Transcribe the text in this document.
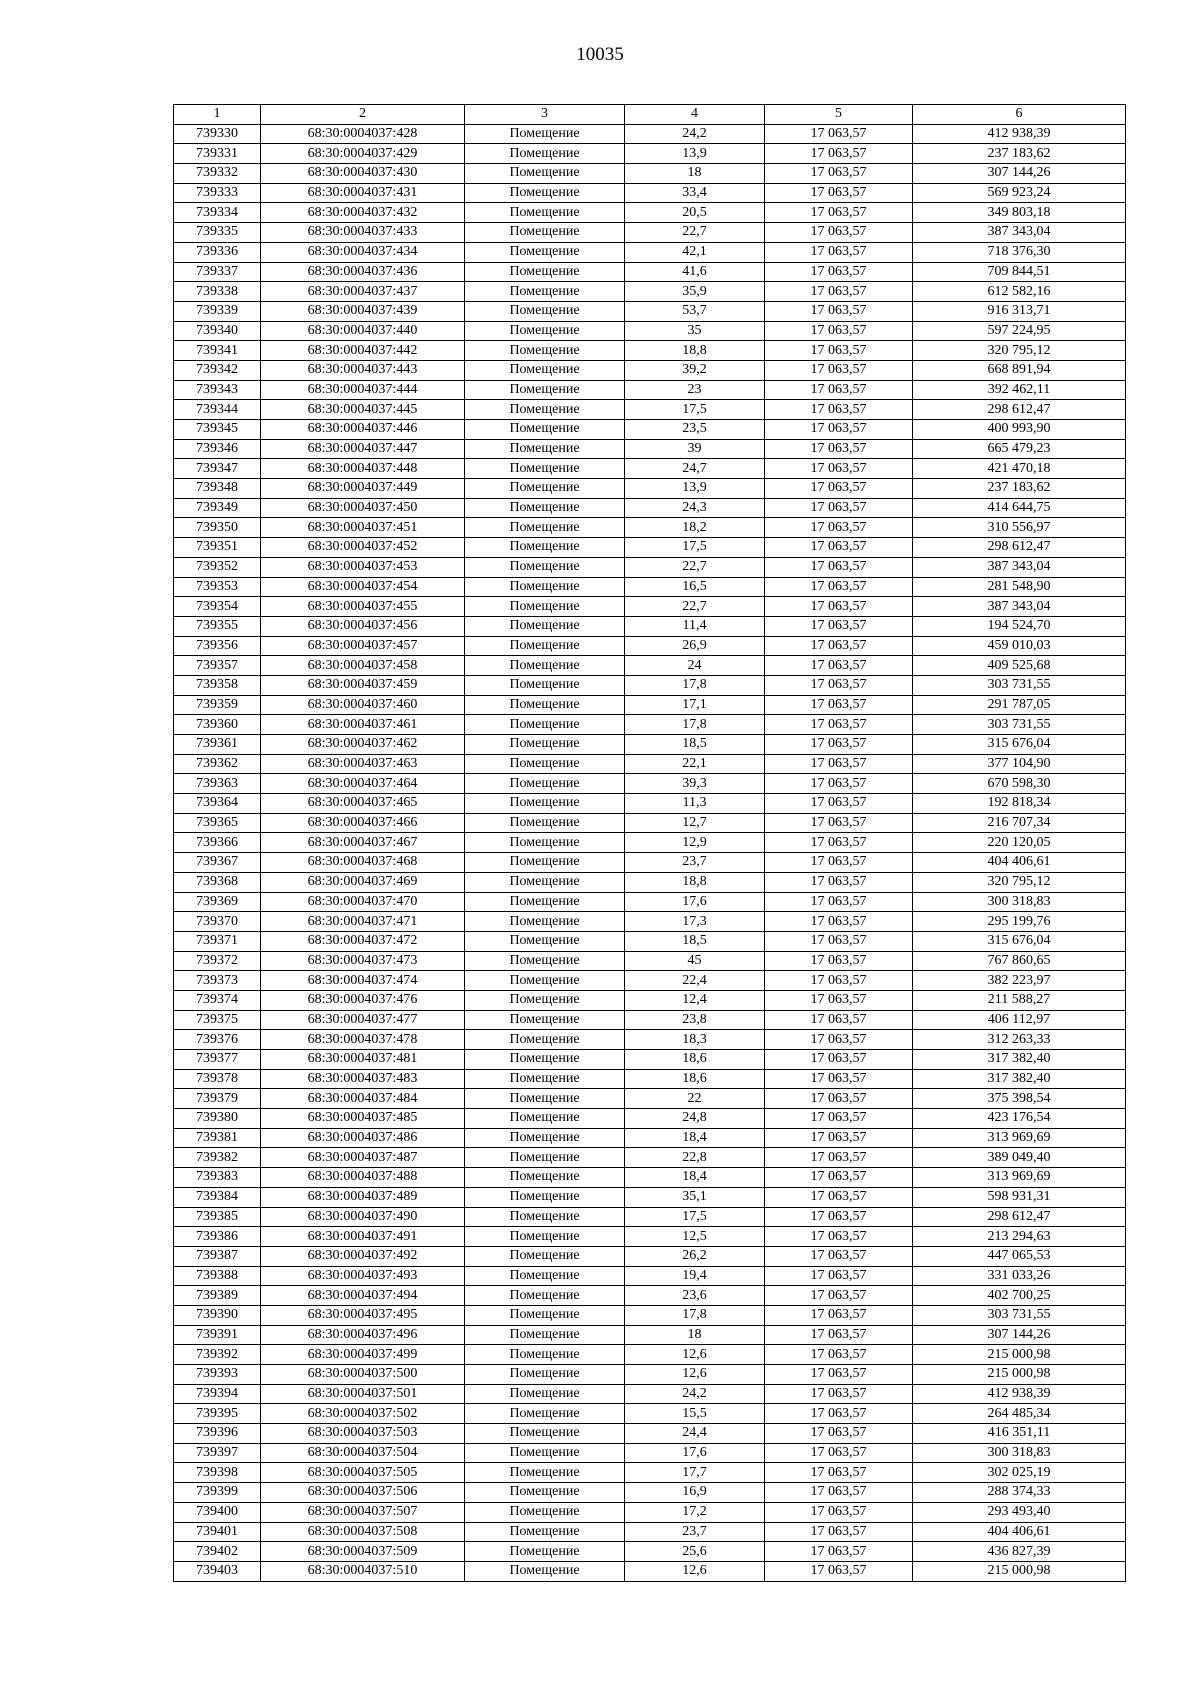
10035
1	2	3	4	5	6
739330	68:30:0004037:428	Помещение	24,2	17 063,57	412 938,39
739331	68:30:0004037:429	Помещение	13,9	17 063,57	237 183,62
739332	68:30:0004037:430	Помещение	18	17 063,57	307 144,26
739333	68:30:0004037:431	Помещение	33,4	17 063,57	569 923,24
739334	68:30:0004037:432	Помещение	20,5	17 063,57	349 803,18
739335	68:30:0004037:433	Помещение	22,7	17 063,57	387 343,04
739336	68:30:0004037:434	Помещение	42,1	17 063,57	718 376,30
739337	68:30:0004037:436	Помещение	41,6	17 063,57	709 844,51
739338	68:30:0004037:437	Помещение	35,9	17 063,57	612 582,16
739339	68:30:0004037:439	Помещение	53,7	17 063,57	916 313,71
739340	68:30:0004037:440	Помещение	35	17 063,57	597 224,95
739341	68:30:0004037:442	Помещение	18,8	17 063,57	320 795,12
739342	68:30:0004037:443	Помещение	39,2	17 063,57	668 891,94
739343	68:30:0004037:444	Помещение	23	17 063,57	392 462,11
739344	68:30:0004037:445	Помещение	17,5	17 063,57	298 612,47
739345	68:30:0004037:446	Помещение	23,5	17 063,57	400 993,90
739346	68:30:0004037:447	Помещение	39	17 063,57	665 479,23
739347	68:30:0004037:448	Помещение	24,7	17 063,57	421 470,18
739348	68:30:0004037:449	Помещение	13,9	17 063,57	237 183,62
739349	68:30:0004037:450	Помещение	24,3	17 063,57	414 644,75
739350	68:30:0004037:451	Помещение	18,2	17 063,57	310 556,97
739351	68:30:0004037:452	Помещение	17,5	17 063,57	298 612,47
739352	68:30:0004037:453	Помещение	22,7	17 063,57	387 343,04
739353	68:30:0004037:454	Помещение	16,5	17 063,57	281 548,90
739354	68:30:0004037:455	Помещение	22,7	17 063,57	387 343,04
739355	68:30:0004037:456	Помещение	11,4	17 063,57	194 524,70
739356	68:30:0004037:457	Помещение	26,9	17 063,57	459 010,03
739357	68:30:0004037:458	Помещение	24	17 063,57	409 525,68
739358	68:30:0004037:459	Помещение	17,8	17 063,57	303 731,55
739359	68:30:0004037:460	Помещение	17,1	17 063,57	291 787,05
739360	68:30:0004037:461	Помещение	17,8	17 063,57	303 731,55
739361	68:30:0004037:462	Помещение	18,5	17 063,57	315 676,04
739362	68:30:0004037:463	Помещение	22,1	17 063,57	377 104,90
739363	68:30:0004037:464	Помещение	39,3	17 063,57	670 598,30
739364	68:30:0004037:465	Помещение	11,3	17 063,57	192 818,34
739365	68:30:0004037:466	Помещение	12,7	17 063,57	216 707,34
739366	68:30:0004037:467	Помещение	12,9	17 063,57	220 120,05
739367	68:30:0004037:468	Помещение	23,7	17 063,57	404 406,61
739368	68:30:0004037:469	Помещение	18,8	17 063,57	320 795,12
739369	68:30:0004037:470	Помещение	17,6	17 063,57	300 318,83
739370	68:30:0004037:471	Помещение	17,3	17 063,57	295 199,76
739371	68:30:0004037:472	Помещение	18,5	17 063,57	315 676,04
739372	68:30:0004037:473	Помещение	45	17 063,57	767 860,65
739373	68:30:0004037:474	Помещение	22,4	17 063,57	382 223,97
739374	68:30:0004037:476	Помещение	12,4	17 063,57	211 588,27
739375	68:30:0004037:477	Помещение	23,8	17 063,57	406 112,97
739376	68:30:0004037:478	Помещение	18,3	17 063,57	312 263,33
739377	68:30:0004037:481	Помещение	18,6	17 063,57	317 382,40
739378	68:30:0004037:483	Помещение	18,6	17 063,57	317 382,40
739379	68:30:0004037:484	Помещение	22	17 063,57	375 398,54
739380	68:30:0004037:485	Помещение	24,8	17 063,57	423 176,54
739381	68:30:0004037:486	Помещение	18,4	17 063,57	313 969,69
739382	68:30:0004037:487	Помещение	22,8	17 063,57	389 049,40
739383	68:30:0004037:488	Помещение	18,4	17 063,57	313 969,69
739384	68:30:0004037:489	Помещение	35,1	17 063,57	598 931,31
739385	68:30:0004037:490	Помещение	17,5	17 063,57	298 612,47
739386	68:30:0004037:491	Помещение	12,5	17 063,57	213 294,63
739387	68:30:0004037:492	Помещение	26,2	17 063,57	447 065,53
739388	68:30:0004037:493	Помещение	19,4	17 063,57	331 033,26
739389	68:30:0004037:494	Помещение	23,6	17 063,57	402 700,25
739390	68:30:0004037:495	Помещение	17,8	17 063,57	303 731,55
739391	68:30:0004037:496	Помещение	18	17 063,57	307 144,26
739392	68:30:0004037:499	Помещение	12,6	17 063,57	215 000,98
739393	68:30:0004037:500	Помещение	12,6	17 063,57	215 000,98
739394	68:30:0004037:501	Помещение	24,2	17 063,57	412 938,39
739395	68:30:0004037:502	Помещение	15,5	17 063,57	264 485,34
739396	68:30:0004037:503	Помещение	24,4	17 063,57	416 351,11
739397	68:30:0004037:504	Помещение	17,6	17 063,57	300 318,83
739398	68:30:0004037:505	Помещение	17,7	17 063,57	302 025,19
739399	68:30:0004037:506	Помещение	16,9	17 063,57	288 374,33
739400	68:30:0004037:507	Помещение	17,2	17 063,57	293 493,40
739401	68:30:0004037:508	Помещение	23,7	17 063,57	404 406,61
739402	68:30:0004037:509	Помещение	25,6	17 063,57	436 827,39
739403	68:30:0004037:510	Помещение	12,6	17 063,57	215 000,98
